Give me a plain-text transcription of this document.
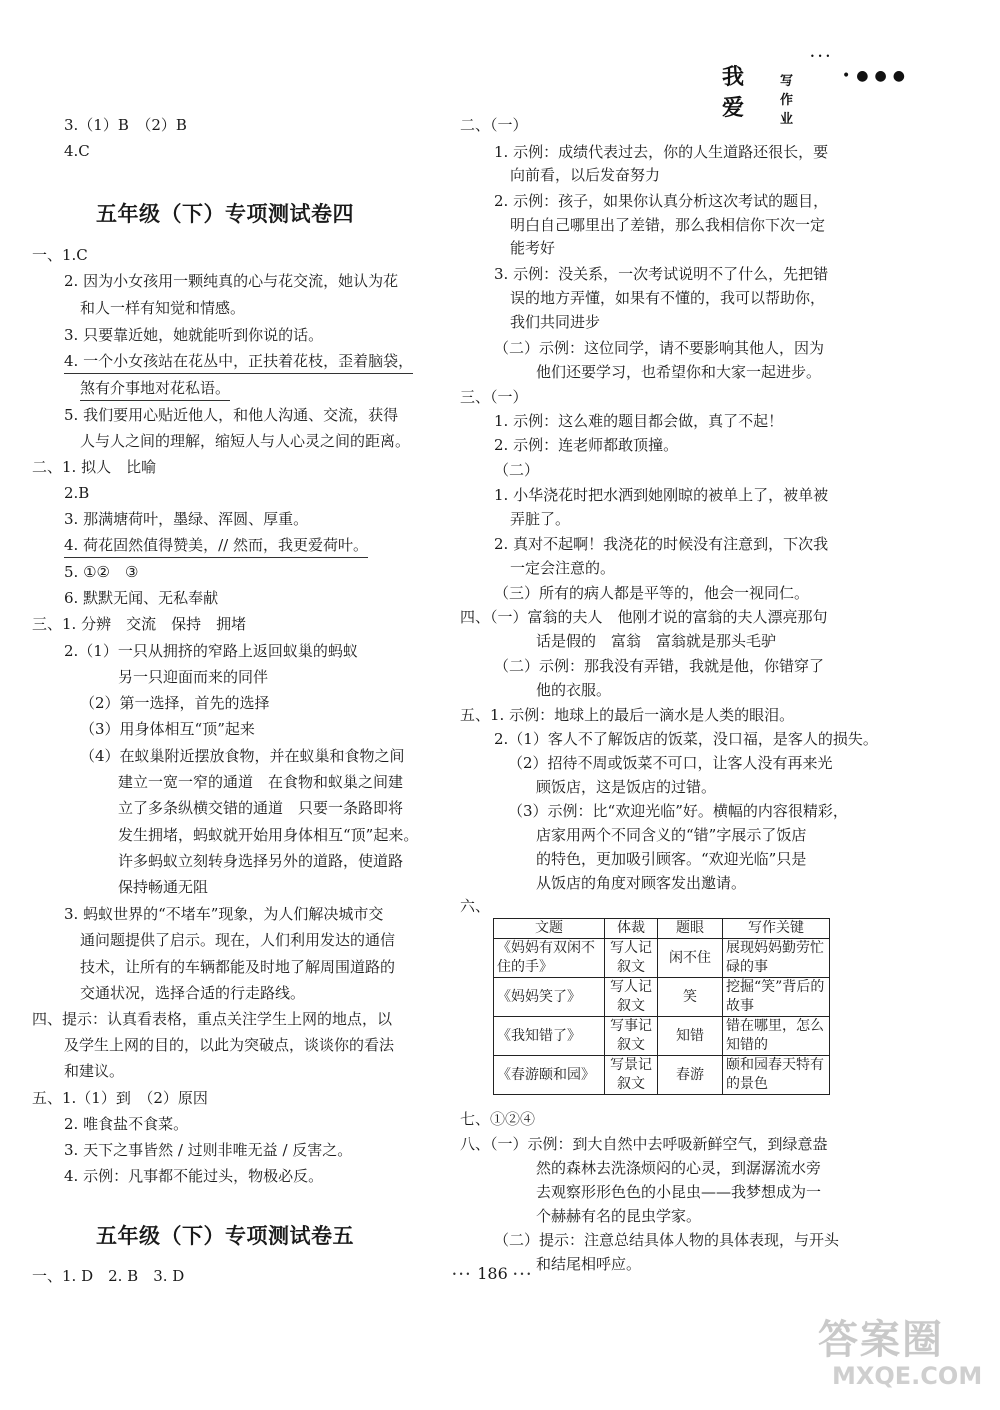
•••
我爱
写作业
•●●●
3.（1）B　（2）B
4.C
五年级（下）专项测试卷四
一、1.C
2. 因为小女孩用一颗纯真的心与花交流，她认为花
和人一样有知觉和情感。
3. 只要靠近她，她就能听到你说的话。
4. 一个小女孩站在花丛中，正扶着花枝，歪着脑袋，
煞有介事地对花私语。
5. 我们要用心贴近他人，和他人沟通、交流，获得
人与人之间的理解，缩短人与人心灵之间的距离。
二、1. 拟人　比喻
2.B
3. 那满塘荷叶，墨绿、浑圆、厚重。
4. 荷花固然值得赞美，// 然而，我更爱荷叶。
5. ①②　③
6. 默默无闻、无私奉献
三、1. 分辨　交流　保持　拥堵
2.（1）一只从拥挤的窄路上返回蚁巢的蚂蚁
另一只迎面而来的同伴
（2）第一选择，首先的选择
（3）用身体相互“顶”起来
（4）在蚁巢附近摆放食物，并在蚁巢和食物之间
建立一宽一窄的通道　在食物和蚁巢之间建
立了多条纵横交错的通道　只要一条路即将
发生拥堵，蚂蚁就开始用身体相互“顶”起来。
许多蚂蚁立刻转身选择另外的道路，使道路
保持畅通无阻
3. 蚂蚁世界的“不堵车”现象，为人们解决城市交
通问题提供了启示。现在，人们利用发达的通信
技术，让所有的车辆都能及时地了解周围道路的
交通状况，选择合适的行走路线。
四、提示：认真看表格，重点关注学生上网的地点，以
及学生上网的目的，以此为突破点，谈谈你的看法
和建议。
五、1.（1）到　（2）原因
2. 唯食盐不食菜。
3. 天下之事皆然 / 过则非唯无益 / 反害之。
4. 示例：凡事都不能过头，物极必反。
五年级（下）专项测试卷五
一、1. D　2. B　3. D
二、（一）
1. 示例：成绩代表过去，你的人生道路还很长，要
向前看，以后发奋努力
2. 示例：孩子，如果你认真分析这次考试的题目，
明白自己哪里出了差错，那么我相信你下次一定
能考好
3. 示例：没关系，一次考试说明不了什么，先把错
误的地方弄懂，如果有不懂的，我可以帮助你，
我们共同进步
（二）示例：这位同学，请不要影响其他人，因为
他们还要学习，也希望你和大家一起进步。
三、（一）
1. 示例：这么难的题目都会做，真了不起！
2. 示例：连老师都敢顶撞。
（二）
1. 小华浇花时把水洒到她刚晾的被单上了，被单被
弄脏了。
2. 真对不起啊！我浇花的时候没有注意到，下次我
一定会注意的。
（三）所有的病人都是平等的，他会一视同仁。
四、（一）富翁的夫人　他刚才说的富翁的夫人漂亮那句
话是假的　富翁　富翁就是那头毛驴
（二）示例：那我没有弄错，我就是他，你错穿了
他的衣服。
五、1. 示例：地球上的最后一滴水是人类的眼泪。
2.（1）客人不了解饭店的饭菜，没口福，是客人的损失。
（2）招待不周或饭菜不可口，让客人没有再来光
顾饭店，这是饭店的过错。
（3）示例：比“欢迎光临”好。横幅的内容很精彩，
店家用两个不同含义的“错”字展示了饭店
的特色，更加吸引顾客。“欢迎光临”只是
从饭店的角度对顾客发出邀请。
六、
文题	体裁	题眼	写作关键
《妈妈有双闲不住的手》	写人记叙文	闲不住	展现妈妈勤劳忙碌的事
《妈妈笑了》	写人记叙文	笑	挖掘“笑”背后的故事
《我知错了》	写事记叙文	知错	错在哪里，怎么知错的
《春游颐和园》	写景记叙文	春游	颐和园春天特有的景色
七、①②④
八、（一）示例：到大自然中去呼吸新鲜空气，到绿意盎
然的森林去洗涤烦闷的心灵，到潺潺流水旁
去观察形形色色的小昆虫——我梦想成为一
个赫赫有名的昆虫学家。
（二）提示：注意总结具体人物的具体表现，与开头
和结尾相呼应。
••• 186 •••
答案圈
MXQE.COM
